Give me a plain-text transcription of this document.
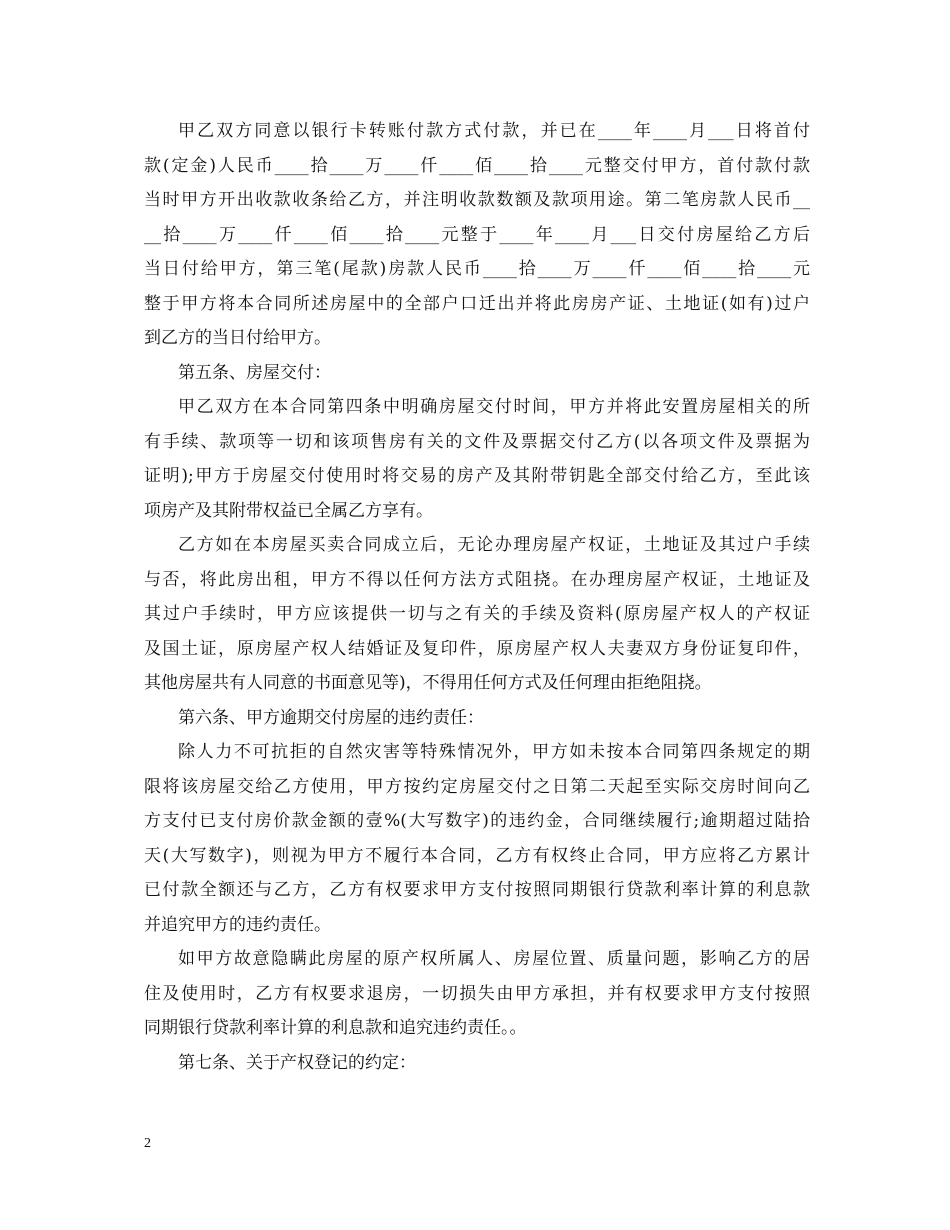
甲乙双方同意以银行卡转账付款方式付款，并已在____年____月___日将首付
款(定金)人民币____拾____万____仟____佰____拾____元整交付甲方，首付款付款
当时甲方开出收款收条给乙方，并注明收款数额及款项用途。第二笔房款人民币__
__拾____万____仟____佰____拾____元整于____年____月___日交付房屋给乙方后
当日付给甲方，第三笔(尾款)房款人民币____拾____万____仟____佰____拾____元
整于甲方将本合同所述房屋中的全部户口迁出并将此房房产证、土地证(如有)过户
到乙方的当日付给甲方。
第五条、房屋交付：
甲乙双方在本合同第四条中明确房屋交付时间，甲方并将此安置房屋相关的所
有手续、款项等一切和该项售房有关的文件及票据交付乙方(以各项文件及票据为
证明);甲方于房屋交付使用时将交易的房产及其附带钥匙全部交付给乙方，至此该
项房产及其附带权益已全属乙方享有。
乙方如在本房屋买卖合同成立后，无论办理房屋产权证，土地证及其过户手续
与否，将此房出租，甲方不得以任何方法方式阻挠。在办理房屋产权证，土地证及
其过户手续时，甲方应该提供一切与之有关的手续及资料(原房屋产权人的产权证
及国土证，原房屋产权人结婚证及复印件，原房屋产权人夫妻双方身份证复印件，
其他房屋共有人同意的书面意见等)，不得用任何方式及任何理由拒绝阻挠。
第六条、甲方逾期交付房屋的违约责任：
除人力不可抗拒的自然灾害等特殊情况外，甲方如未按本合同第四条规定的期
限将该房屋交给乙方使用，甲方按约定房屋交付之日第二天起至实际交房时间向乙
方支付已支付房价款金额的壹%(大写数字)的违约金，合同继续履行;逾期超过陆拾
天(大写数字)，则视为甲方不履行本合同，乙方有权终止合同，甲方应将乙方累计
已付款全额还与乙方，乙方有权要求甲方支付按照同期银行贷款利率计算的利息款
并追究甲方的违约责任。
如甲方故意隐瞒此房屋的原产权所属人、房屋位置、质量问题，影响乙方的居
住及使用时，乙方有权要求退房，一切损失由甲方承担，并有权要求甲方支付按照
同期银行贷款利率计算的利息款和追究违约责任。。
第七条、关于产权登记的约定：
2
